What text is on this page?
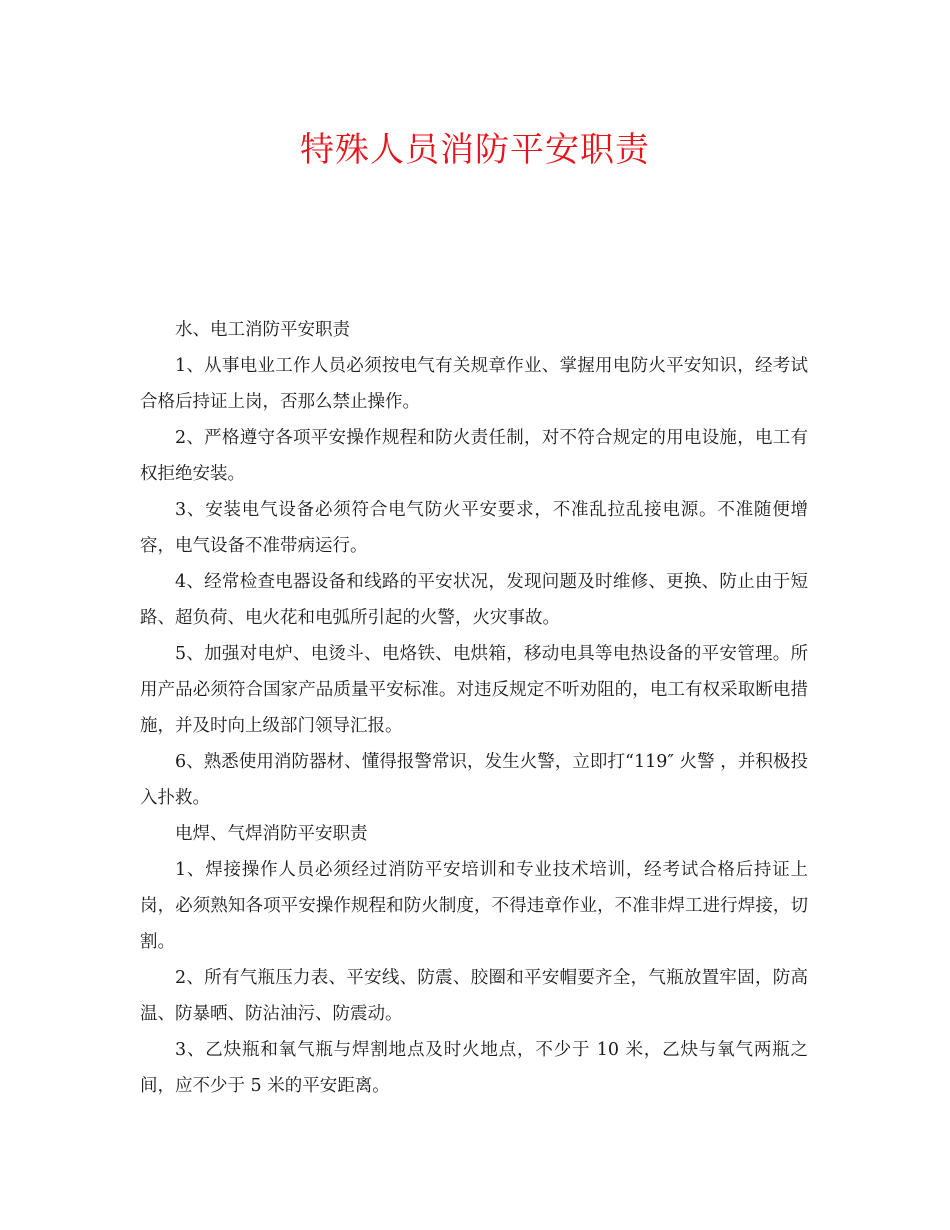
特殊人员消防平安职责

水、电工消防平安职责

1、从事电业工作人员必须按电气有关规章作业、掌握用电防火平安知识，经考试合格后持证上岗，否那么禁止操作。

2、严格遵守各项平安操作规程和防火责任制，对不符合规定的用电设施，电工有权拒绝安装。

3、安装电气设备必须符合电气防火平安要求，不准乱拉乱接电源。不准随便增容，电气设备不准带病运行。

4、经常检查电器设备和线路的平安状况，发现问题及时维修、更换、防止由于短路、超负荷、电火花和电弧所引起的火警，火灾事故。

5、加强对电炉、电烫斗、电烙铁、电烘箱，移动电具等电热设备的平安管理。所用产品必须符合国家产品质量平安标准。对违反规定不听劝阻的，电工有权采取断电措施，并及时向上级部门领导汇报。

6、熟悉使用消防器材、懂得报警常识，发生火警，立即打“119″ 火警 ，并积极投入扑救。

电焊、气焊消防平安职责

1、焊接操作人员必须经过消防平安培训和专业技术培训，经考试合格后持证上岗，必须熟知各项平安操作规程和防火制度，不得违章作业，不准非焊工进行焊接，切割。

2、所有气瓶压力表、平安线、防震、胶圈和平安帽要齐全，气瓶放置牢固，防高温、防暴晒、防沾油污、防震动。

3、乙炔瓶和氧气瓶与焊割地点及时火地点，不少于 10 米，乙炔与氧气两瓶之间，应不少于 5 米的平安距离。
